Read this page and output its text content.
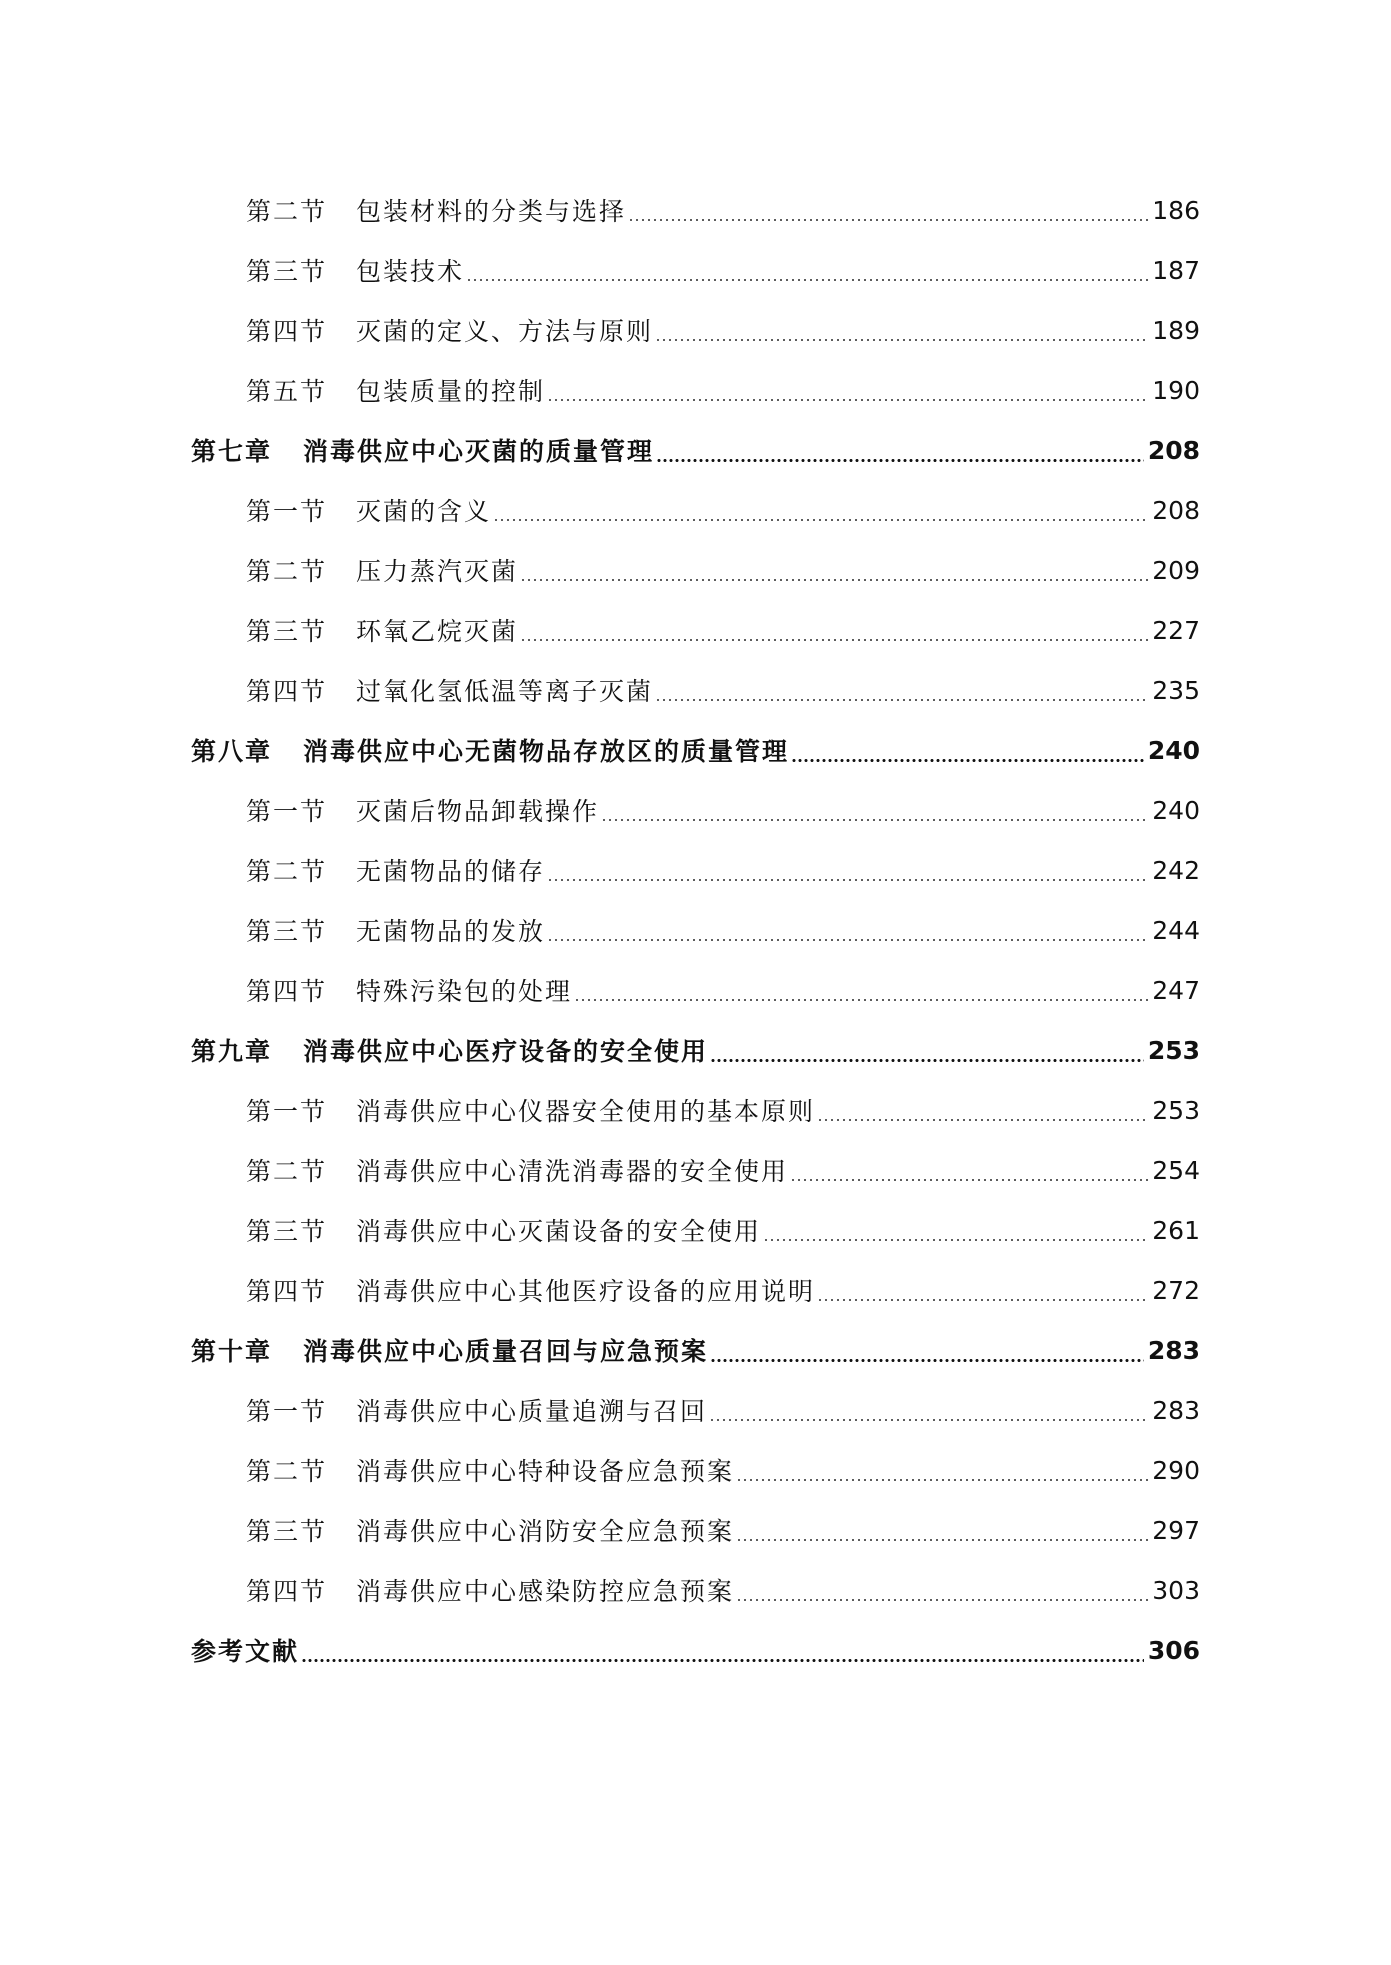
第二节	包装材料的分类与选择	186
第三节	包装技术	187
第四节	灭菌的定义、方法与原则	189
第五节	包装质量的控制	190
第七章	消毒供应中心灭菌的质量管理	208
第一节	灭菌的含义	208
第二节	压力蒸汽灭菌	209
第三节	环氧乙烷灭菌	227
第四节	过氧化氢低温等离子灭菌	235
第八章	消毒供应中心无菌物品存放区的质量管理	240
第一节	灭菌后物品卸载操作	240
第二节	无菌物品的储存	242
第三节	无菌物品的发放	244
第四节	特殊污染包的处理	247
第九章	消毒供应中心医疗设备的安全使用	253
第一节	消毒供应中心仪器安全使用的基本原则	253
第二节	消毒供应中心清洗消毒器的安全使用	254
第三节	消毒供应中心灭菌设备的安全使用	261
第四节	消毒供应中心其他医疗设备的应用说明	272
第十章	消毒供应中心质量召回与应急预案	283
第一节	消毒供应中心质量追溯与召回	283
第二节	消毒供应中心特种设备应急预案	290
第三节	消毒供应中心消防安全应急预案	297
第四节	消毒供应中心感染防控应急预案	303
参考文献	306
